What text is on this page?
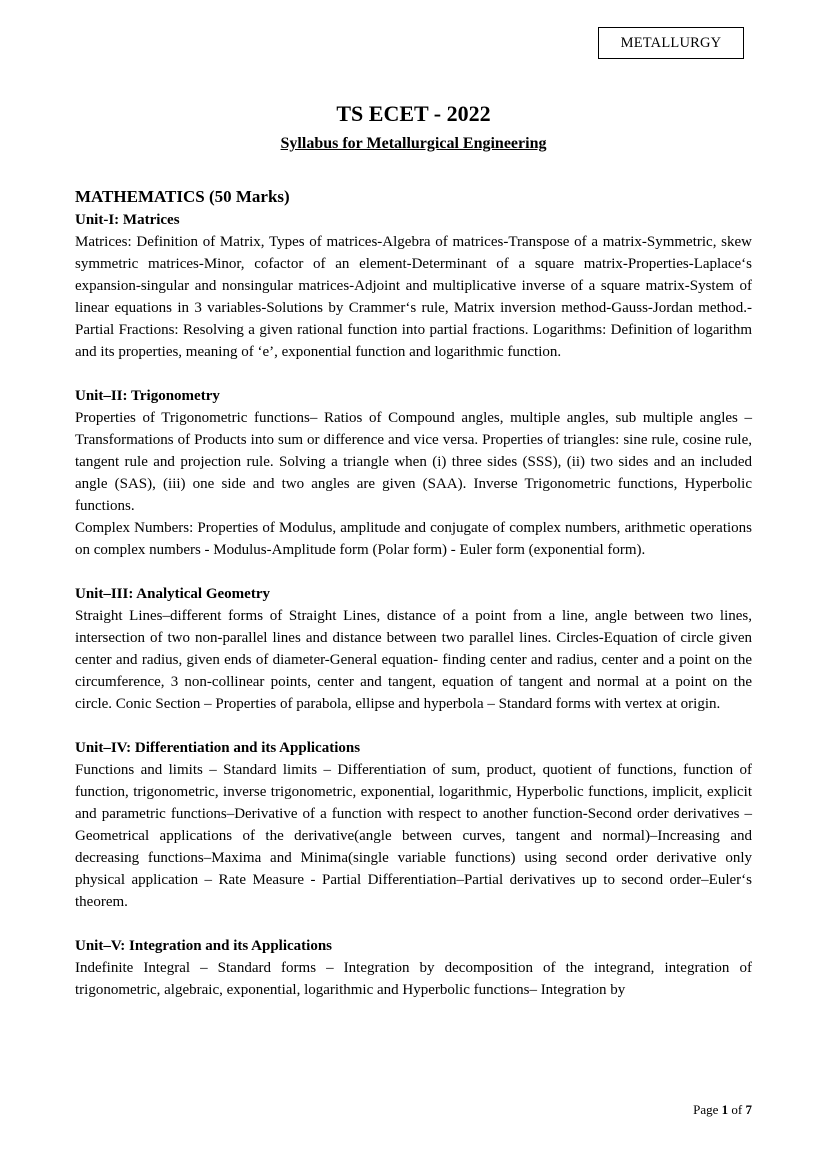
METALLURGY
TS ECET - 2022
Syllabus for Metallurgical Engineering

MATHEMATICS (50 Marks)

Unit-I: Matrices

Matrices: Definition of Matrix, Types of matrices-Algebra of matrices-Transpose of a matrix-Symmetric, skew symmetric matrices-Minor, cofactor of an element-Determinant of a square matrix-Properties-Laplace‘s expansion-singular and nonsingular matrices-Adjoint and multiplicative inverse of a square matrix-System of linear equations in 3 variables-Solutions by Crammer‘s rule, Matrix inversion method-Gauss-Jordan method.-Partial Fractions: Resolving a given rational function into partial fractions. Logarithms: Definition of logarithm and its properties, meaning of ‘e’, exponential function and logarithmic function.

Unit–II: Trigonometry

Properties of Trigonometric functions– Ratios of Compound angles, multiple angles, sub multiple angles – Transformations of Products into sum or difference and vice versa. Properties of triangles: sine rule, cosine rule, tangent rule and projection rule. Solving a triangle when (i) three sides (SSS), (ii) two sides and an included angle (SAS), (iii) one side and two angles are given (SAA). Inverse Trigonometric functions, Hyperbolic functions.

Complex Numbers: Properties of Modulus, amplitude and conjugate of complex numbers, arithmetic operations on complex numbers - Modulus-Amplitude form (Polar form) - Euler form (exponential form).

Unit–III: Analytical Geometry

Straight Lines–different forms of Straight Lines, distance of a point from a line, angle between two lines, intersection of two non-parallel lines and distance between two parallel lines. Circles-Equation of circle given center and radius, given ends of diameter-General equation- finding center and radius, center and a point on the circumference, 3 non-collinear points, center and tangent, equation of tangent and normal at a point on the circle. Conic Section – Properties of parabola, ellipse and hyperbola – Standard forms with vertex at origin.

Unit–IV: Differentiation and its Applications

Functions and limits – Standard limits – Differentiation of sum, product, quotient of functions, function of function, trigonometric, inverse trigonometric, exponential, logarithmic, Hyperbolic functions, implicit, explicit and parametric functions–Derivative of a function with respect to another function-Second order derivatives – Geometrical applications of the derivative(angle between curves, tangent and normal)–Increasing and decreasing functions–Maxima and Minima(single variable functions) using second order derivative only physical application – Rate Measure - Partial Differentiation–Partial derivatives up to second order–Euler‘s theorem.

Unit–V: Integration and its Applications

Indefinite Integral – Standard forms – Integration by decomposition of the integrand, integration of trigonometric, algebraic, exponential, logarithmic and Hyperbolic functions– Integration by

Page 1 of 7
